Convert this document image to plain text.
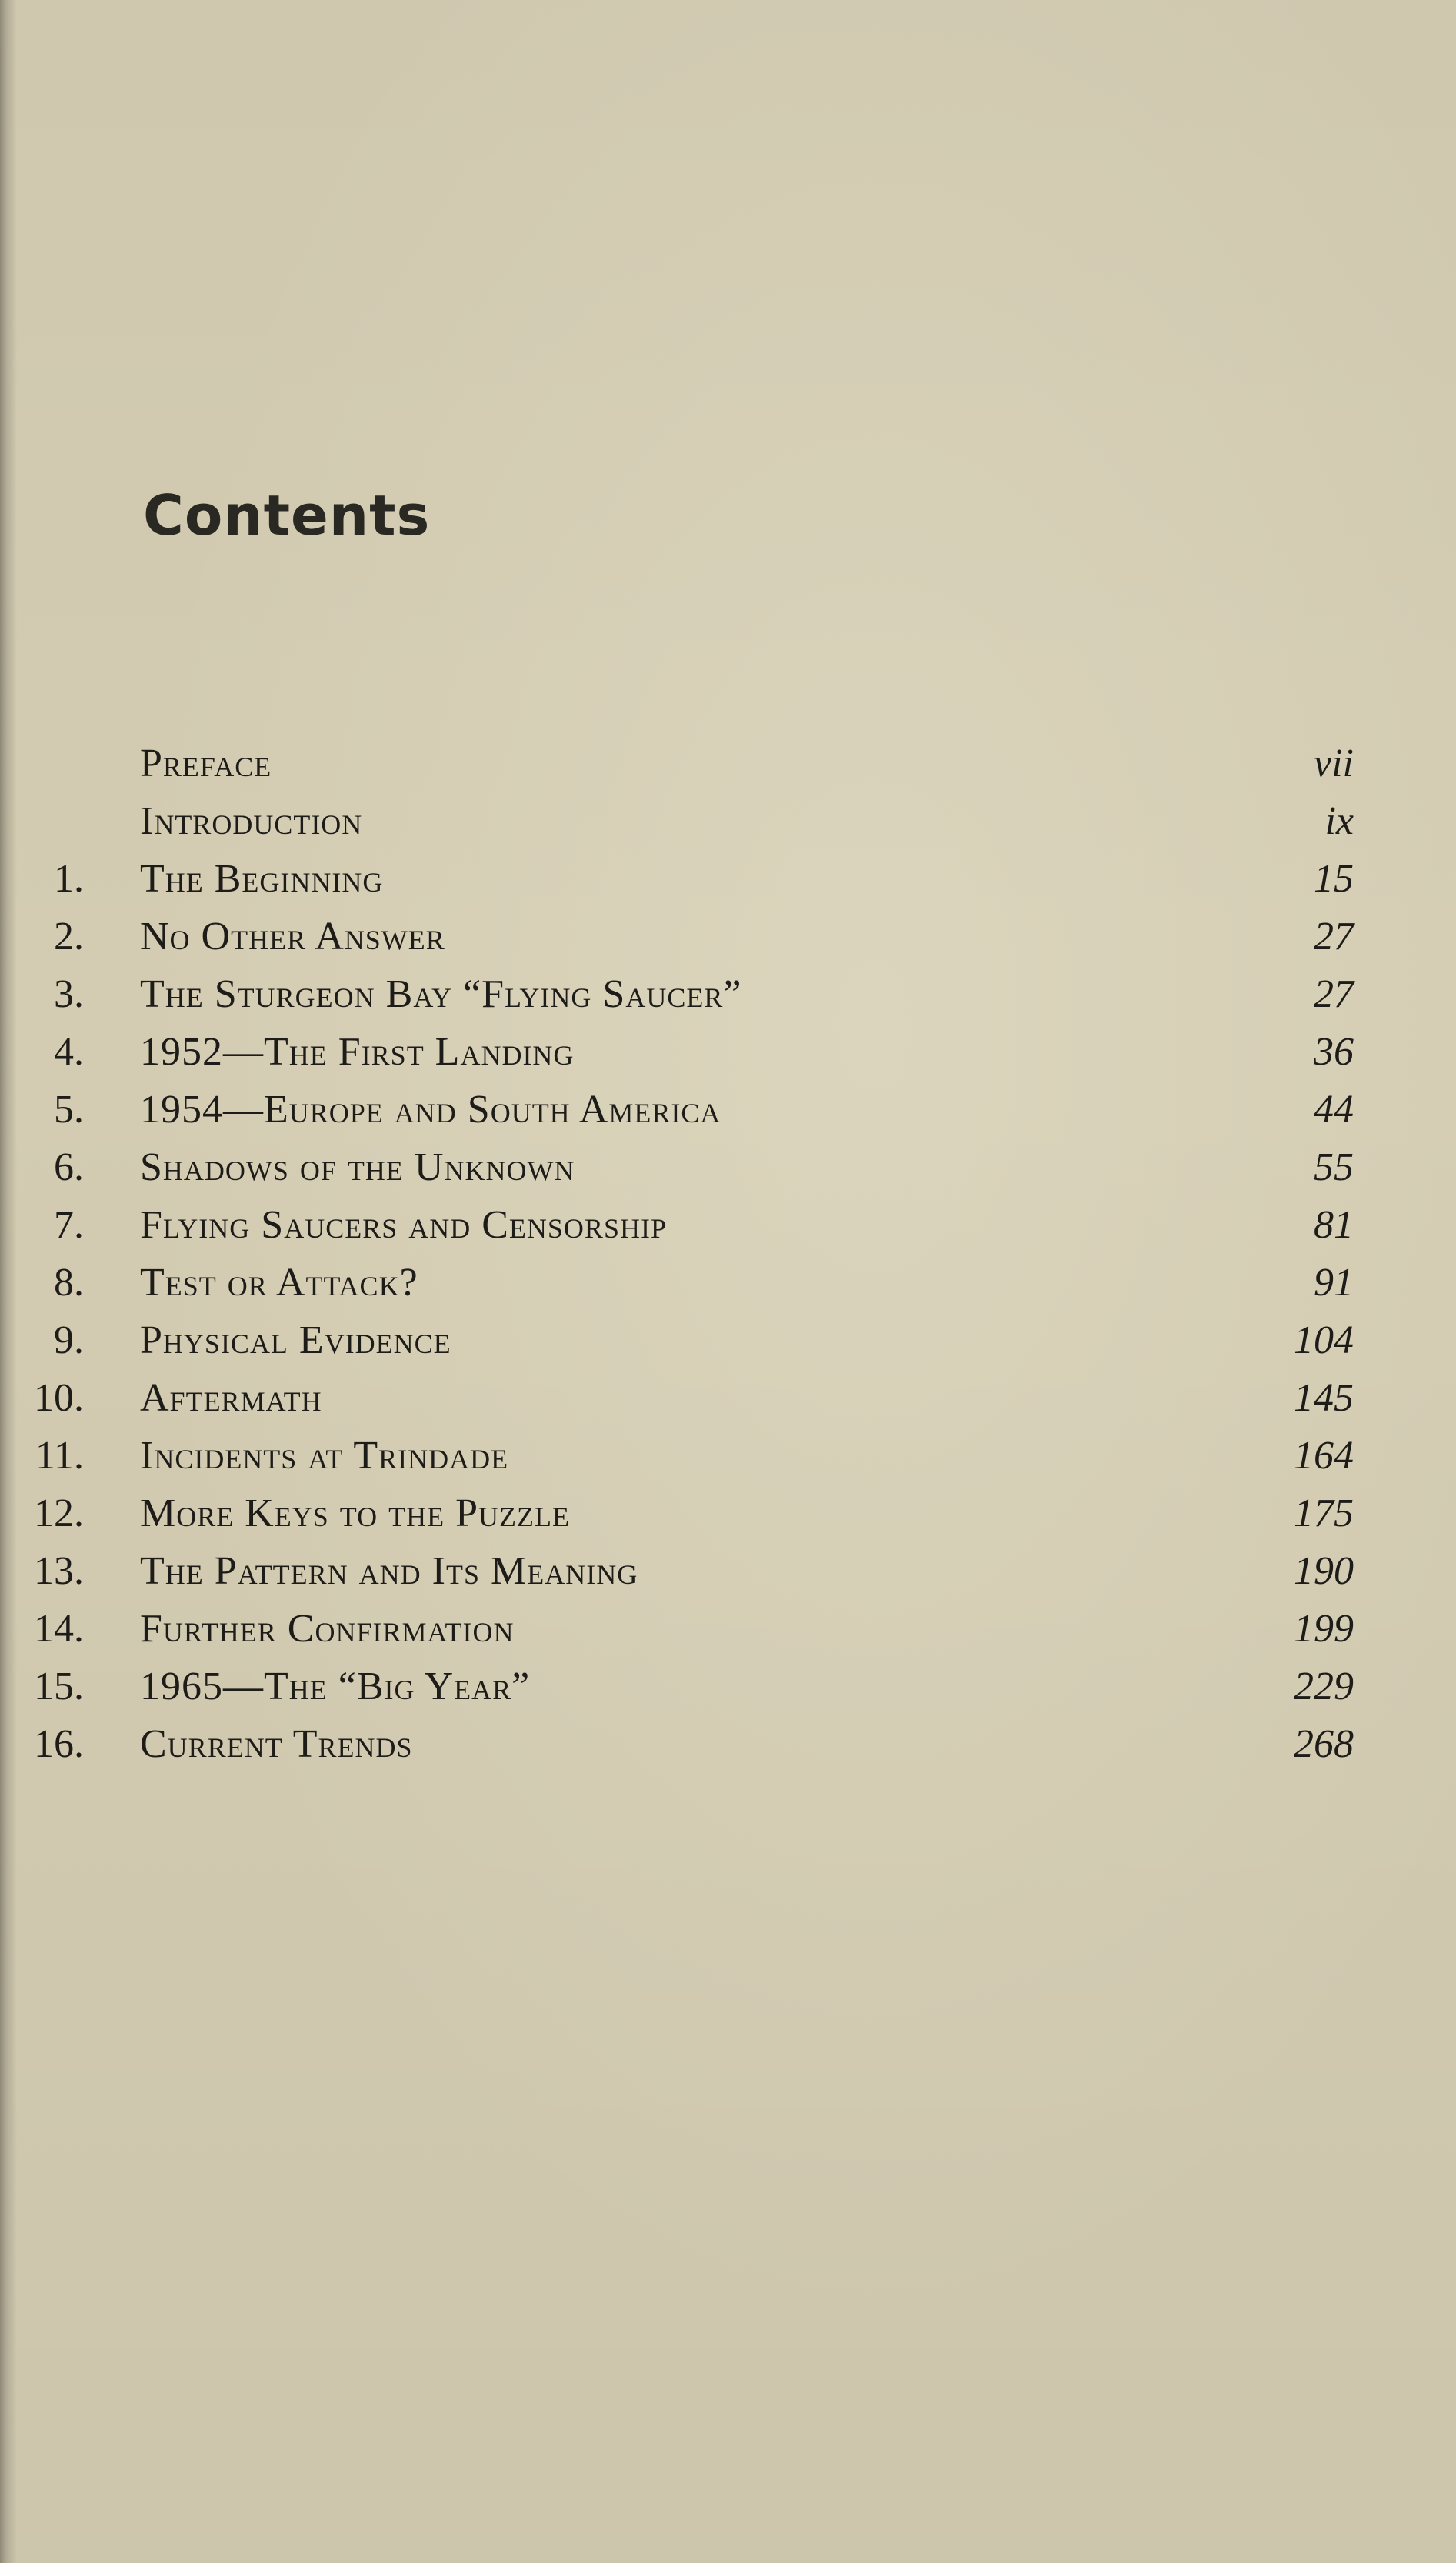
Contents
Preface	vii
Introduction	ix
1. The Beginning	15
2. No Other Answer	27
3. The Sturgeon Bay “Flying Saucer”	27
4. 1952—The First Landing	36
5. 1954—Europe and South America	44
6. Shadows of the Unknown	55
7. Flying Saucers and Censorship	81
8. Test or Attack?	91
9. Physical Evidence	104
10. Aftermath	145
11. Incidents at Trindade	164
12. More Keys to the Puzzle	175
13. The Pattern and Its Meaning	190
14. Further Confirmation	199
15. 1965—The “Big Year”	229
16. Current Trends	268
